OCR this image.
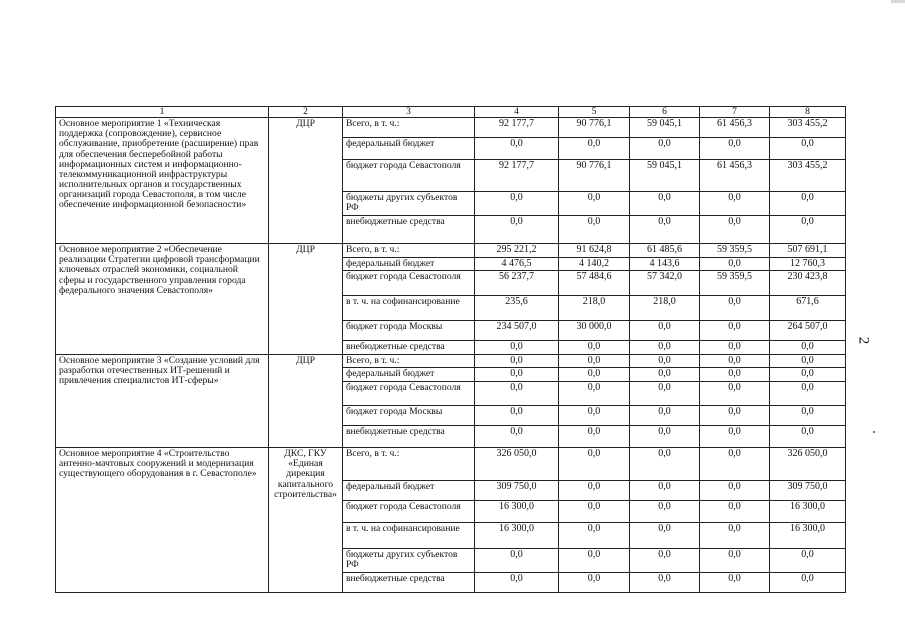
2
1	2	3	4	5	6	7	8
Основное мероприятие 1 «Техническая поддержка (сопровождение), сервисное обслуживание, приобретение (расширение) прав для обеспечения бесперебойной работы информационных систем и информационно-телекоммуникационной инфраструктуры исполнительных органов и государственных организаций города Севастополя, в том числе обеспечение информационной безопасности»	ДЦР	Всего, в т. ч.:	92 177,7	90 776,1	59 045,1	61 456,3	303 455,2
		федеральный бюджет	0,0	0,0	0,0	0,0	0,0
		бюджет города Севастополя	92 177,7	90 776,1	59 045,1	61 456,3	303 455,2
		бюджеты других субъектов РФ	0,0	0,0	0,0	0,0	0,0
		внебюджетные средства	0,0	0,0	0,0	0,0	0,0
Основное мероприятие 2 «Обеспечение реализации Стратегии цифровой трансформации ключевых отраслей экономики, социальной сферы и государственного управления города федерального значения Севастополя»	ДЦР	Всего, в т. ч.:	295 221,2	91 624,8	61 485,6	59 359,5	507 691,1
		федеральный бюджет	4 476,5	4 140,2	4 143,6	0,0	12 760,3
		бюджет города Севастополя	56 237,7	57 484,6	57 342,0	59 359,5	230 423,8
		в т. ч. на софинансирование	235,6	218,0	218,0	0,0	671,6
		бюджет города Москвы	234 507,0	30 000,0	0,0	0,0	264 507,0
		внебюджетные средства	0,0	0,0	0,0	0,0	0,0
Основное мероприятие 3 «Создание условий для разработки отечественных ИТ-решений и привлечения специалистов ИТ-сферы»	ДЦР	Всего, в т. ч.:	0,0	0,0	0,0	0,0	0,0
		федеральный бюджет	0,0	0,0	0,0	0,0	0,0
		бюджет города Севастополя	0,0	0,0	0,0	0,0	0,0
		бюджет города Москвы	0,0	0,0	0,0	0,0	0,0
		внебюджетные средства	0,0	0,0	0,0	0,0	0,0
Основное мероприятие 4 «Строительство антенно-мачтовых сооружений и модернизация существующего оборудования в г. Севастополе»	ДКС, ГКУ «Единая дирекция капитального строительства»	Всего, в т. ч.:	326 050,0	0,0	0,0	0,0	326 050,0
		федеральный бюджет	309 750,0	0,0	0,0	0,0	309 750,0
		бюджет города Севастополя	16 300,0	0,0	0,0	0,0	16 300,0
		в т. ч. на софинансирование	16 300,0	0,0	0,0	0,0	16 300,0
		бюджеты других субъектов РФ	0,0	0,0	0,0	0,0	0,0
		внебюджетные средства	0,0	0,0	0,0	0,0	0,0
